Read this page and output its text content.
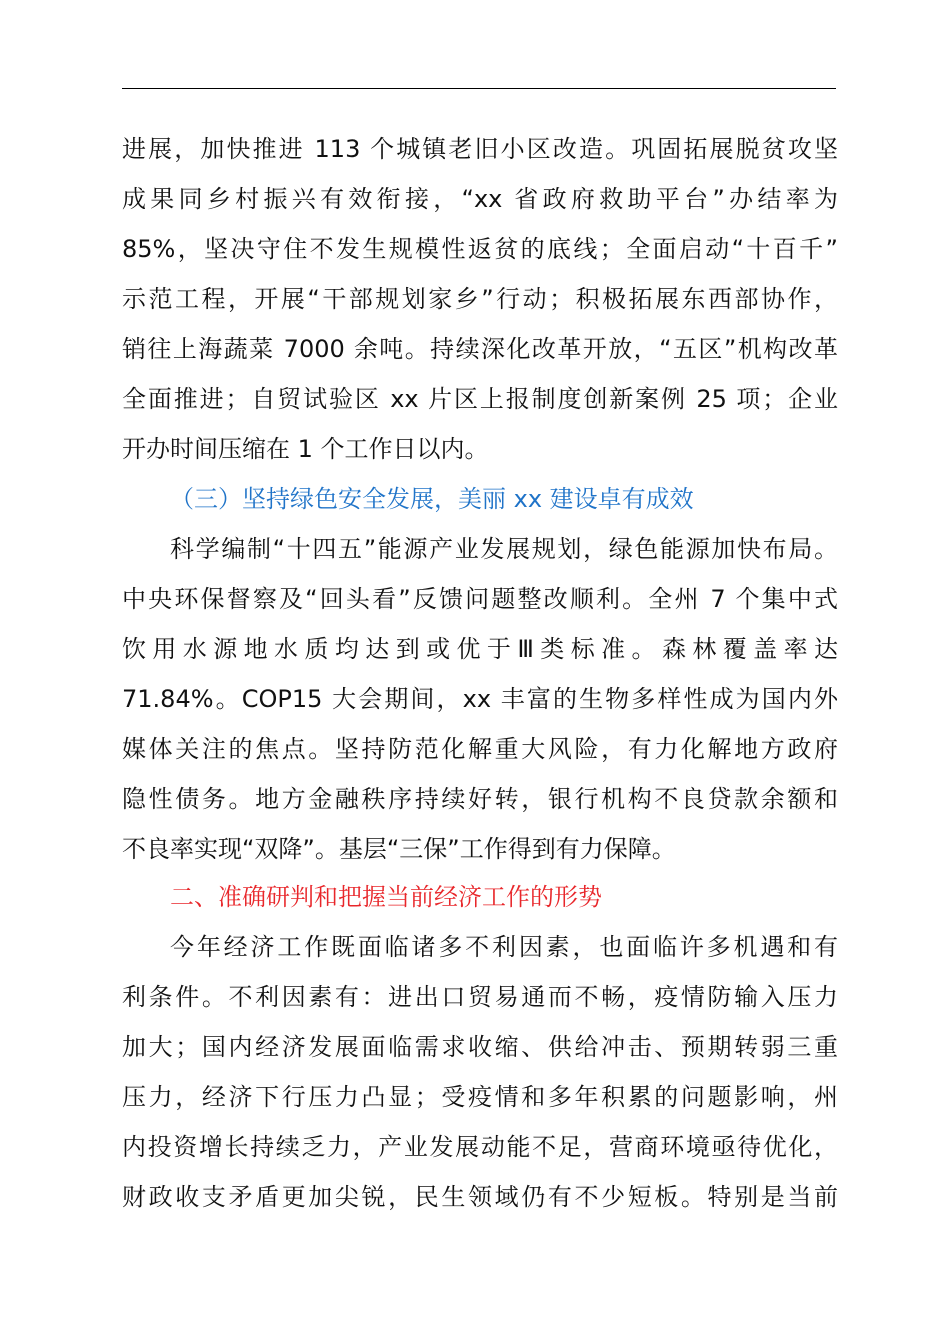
进展，加快推进 113 个城镇老旧小区改造。巩固拓展脱贫攻坚
成果同乡村振兴有效衔接，“xx 省政府救助平台”办结率为
85%，坚决守住不发生规模性返贫的底线；全面启动“十百千”
示范工程，开展“干部规划家乡”行动；积极拓展东西部协作，
销往上海蔬菜 7000 余吨。持续深化改革开放，“五区”机构改革
全面推进；自贸试验区 xx 片区上报制度创新案例 25 项；企业
开办时间压缩在 1 个工作日以内。
（三）坚持绿色安全发展，美丽 xx 建设卓有成效
科学编制“十四五”能源产业发展规划，绿色能源加快布局。
中央环保督察及“回头看”反馈问题整改顺利。全州 7 个集中式
饮用水源地水质均达到或优于Ⅲ类标准。森林覆盖率达
71.84%。COP15 大会期间，xx 丰富的生物多样性成为国内外
媒体关注的焦点。坚持防范化解重大风险，有力化解地方政府
隐性债务。地方金融秩序持续好转，银行机构不良贷款余额和
不良率实现“双降”。基层“三保”工作得到有力保障。
二、准确研判和把握当前经济工作的形势
今年经济工作既面临诸多不利因素，也面临许多机遇和有
利条件。不利因素有：进出口贸易通而不畅，疫情防输入压力
加大；国内经济发展面临需求收缩、供给冲击、预期转弱三重
压力，经济下行压力凸显；受疫情和多年积累的问题影响，州
内投资增长持续乏力，产业发展动能不足，营商环境亟待优化，
财政收支矛盾更加尖锐，民生领域仍有不少短板。特别是当前
